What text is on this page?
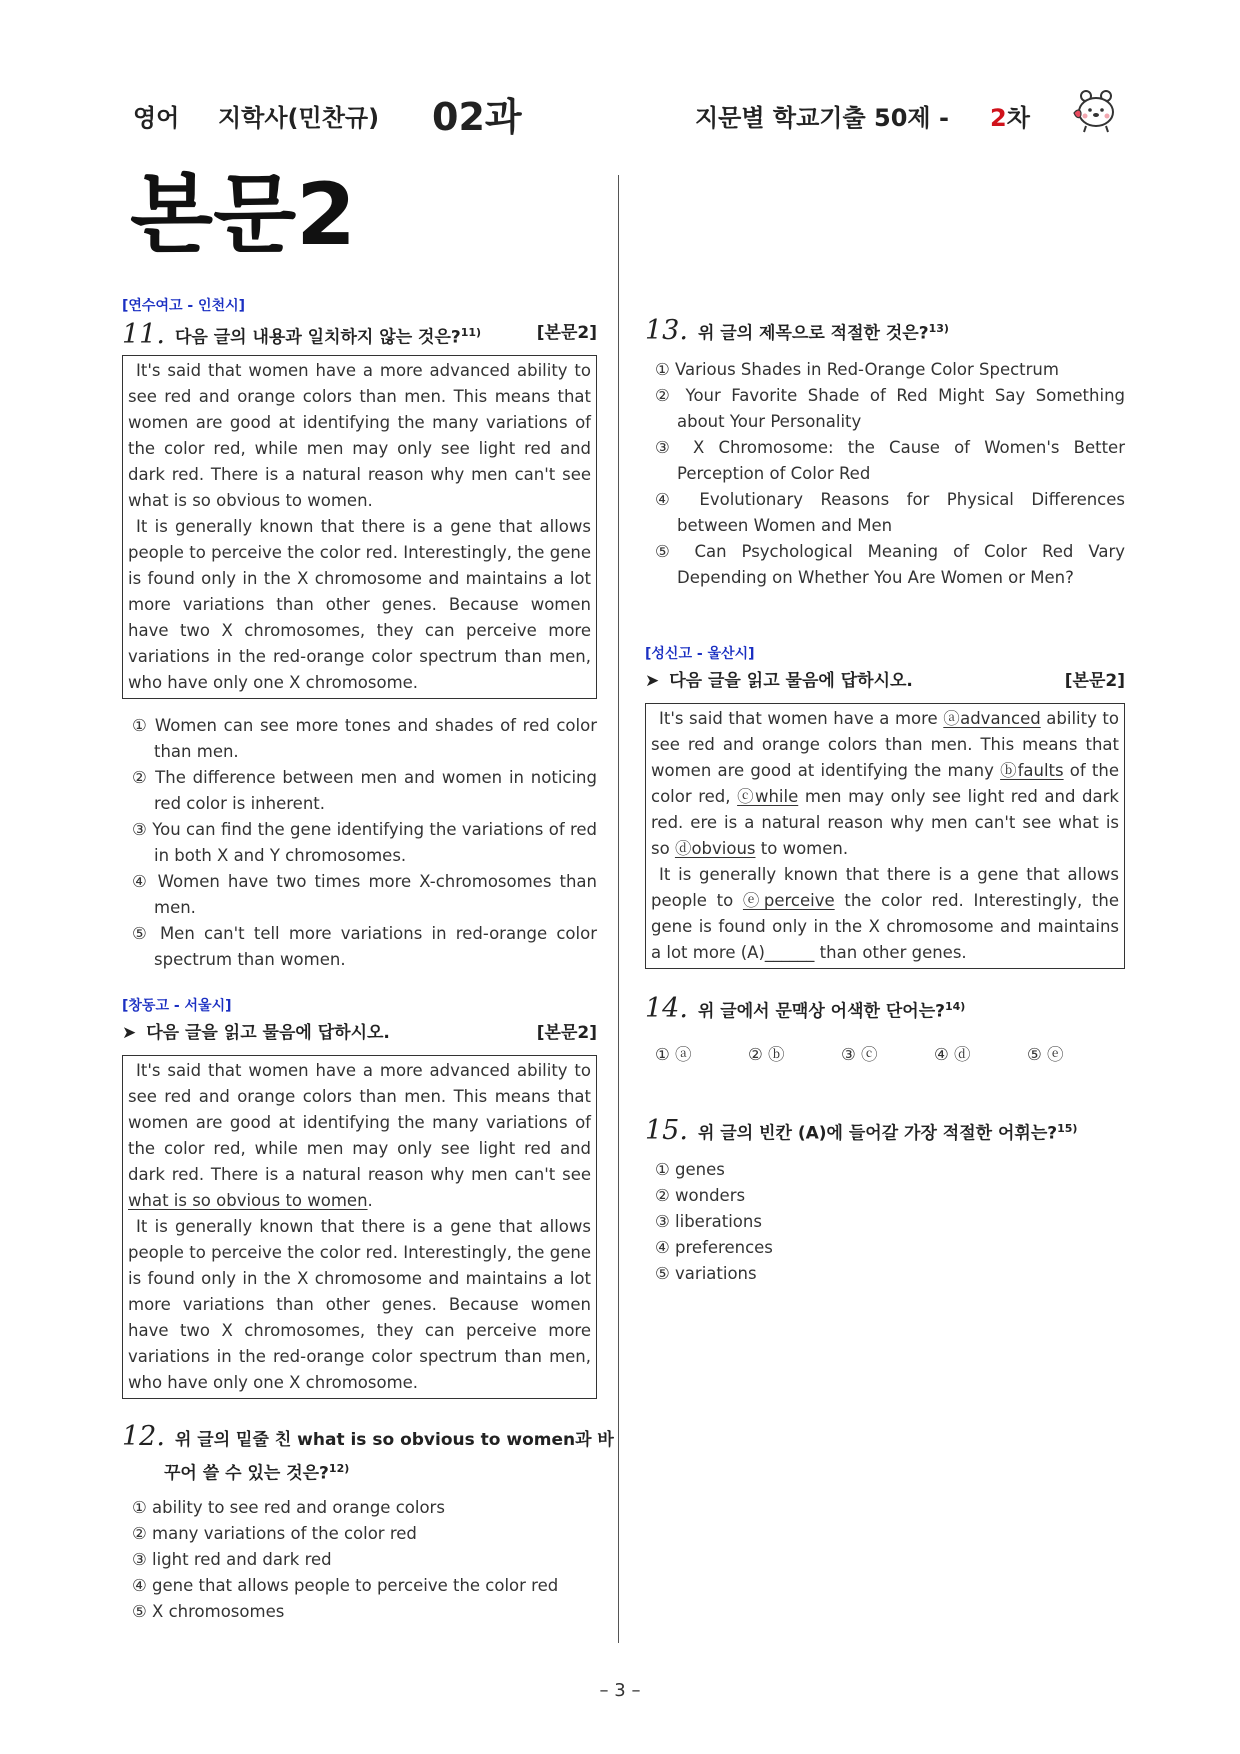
영어 지학사(민찬규) 02과	지문별 학교기출 50제 - 2차
본문2
[연수여고 - 인천시]
11. 다음 글의 내용과 일치하지 않는 것은?$^{11)}$	[본문2]

It's said that women have a more advanced ability to see red and orange colors than men. This means that women are good at identifying the many variations of the color red, while men may only see light red and dark red. There is a natural reason why men can't see what is so obvious to women.

It is generally known that there is a gene that allows people to perceive the color red. Interestingly, the gene is found only in the X chromosome and maintains a lot more variations than other genes. Because women have two X chromosomes, they can perceive more variations in the red-orange color spectrum than men, who have only one X chromosome.

① Women can see more tones and shades of red color than men.
② The difference between men and women in noticing red color is inherent.
③ You can find the gene identifying the variations of red in both X and Y chromosomes.
④ Women have two times more X-chromosomes than men.
⑤ Men can't tell more variations in red-orange color spectrum than women.
[창동고 - 서울시]
➤ 다음 글을 읽고 물음에 답하시오.	[본문2]

It's said that women have a more advanced ability to see red and orange colors than men. This means that women are good at identifying the many variations of the color red, while men may only see light red and dark red. There is a natural reason why men can't see what is so obvious to women.

It is generally known that there is a gene that allows people to perceive the color red. Interestingly, the gene is found only in the X chromosome and maintains a lot more variations than other genes. Because women have two X chromosomes, they can perceive more variations in the red-orange color spectrum than men, who have only one X chromosome.

12. 위 글의 밑줄 친 what is so obvious to women과 바
꾸어 쓸 수 있는 것은?$^{12)}$
① ability to see red and orange colors
② many variations of the color red
③ light red and dark red
④ gene that allows people to perceive the color red
⑤ X chromosomes
13. 위 글의 제목으로 적절한 것은?$^{13)}$
① Various Shades in Red-Orange Color Spectrum
② Your Favorite Shade of Red Might Say Something about Your Personality
③ X Chromosome: the Cause of Women's Better Perception of Color Red
④ Evolutionary Reasons for Physical Differences between Women and Men
⑤ Can Psychological Meaning of Color Red Vary Depending on Whether You Are Women or Men?
[성신고 - 울산시]
➤ 다음 글을 읽고 물음에 답하시오.	[본문2]

It's said that women have a more ⓐadvanced ability to see red and orange colors than men. This means that women are good at identifying the many ⓑfaults of the color red, ⓒwhile men may only see light red and dark red. ere is a natural reason why men can't see what is so ⓓobvious to women.

It is generally known that there is a gene that allows people to ⓔperceive the color red. Interestingly, the gene is found only in the X chromosome and maintains a lot more (A)______ than other genes.

14. 위 글에서 문맥상 어색한 단어는?$^{14)}$
① ⓐ	② ⓑ	③ ⓒ	④ ⓓ	⑤ ⓔ
15. 위 글의 빈칸 (A)에 들어갈 가장 적절한 어휘는?$^{15)}$
① genes
② wonders
③ liberations
④ preferences
⑤ variations
– 3 –
